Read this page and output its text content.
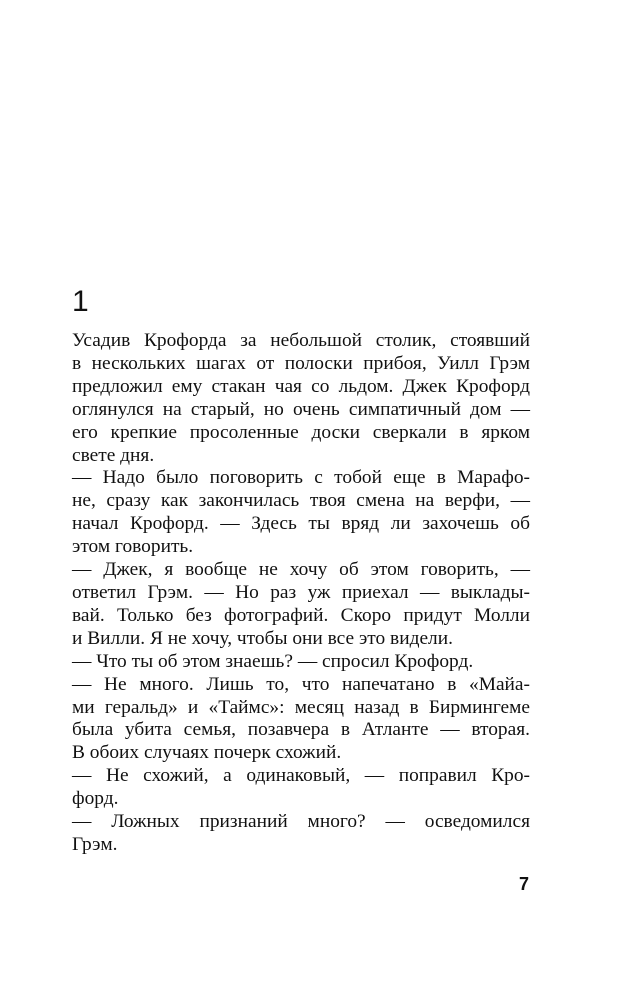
1
Усадив Крофорда за небольшой столик, стоявший
в нескольких шагах от полоски прибоя, Уилл Грэм
предложил ему стакан чая со льдом. Джек Крофорд
оглянулся на старый, но очень симпатичный дом —
его крепкие просоленные доски сверкали в ярком
свете дня.
— Надо было поговорить с тобой еще в Марафо-
не, сразу как закончилась твоя смена на верфи, —
начал Крофорд. — Здесь ты вряд ли захочешь об
этом говорить.
— Джек, я вообще не хочу об этом говорить, —
ответил Грэм. — Но раз уж приехал — выклады-
вай. Только без фотографий. Скоро придут Молли
и Вилли. Я не хочу, чтобы они все это видели.
— Что ты об этом знаешь? — спросил Крофорд.
— Не много. Лишь то, что напечатано в «Майа-
ми геральд» и «Таймс»: месяц назад в Бирмингеме
была убита семья, позавчера в Атланте — вторая.
В обоих случаях почерк схожий.
— Не схожий, а одинаковый, — поправил Кро-
форд.
— Ложных признаний много? — осведомился
Грэм.
7
